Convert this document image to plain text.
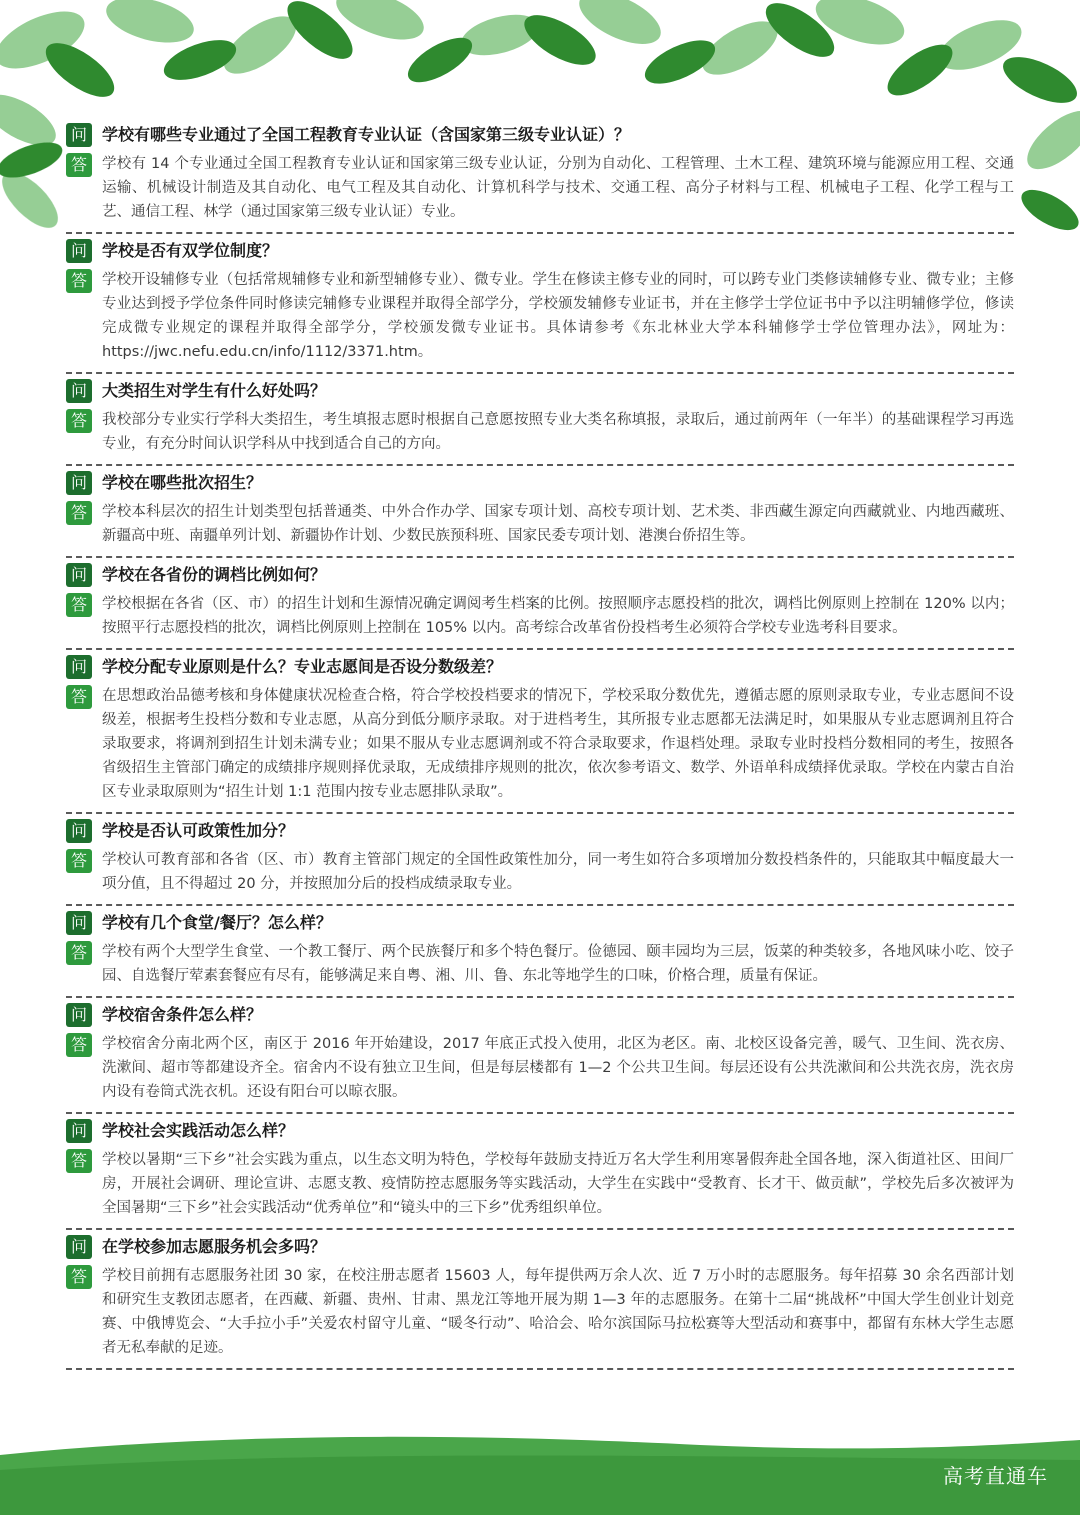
问 学校有哪些专业通过了全国工程教育专业认证（含国家第三级专业认证）？
答	学校有 14 个专业通过全国工程教育专业认证和国家第三级专业认证，分别为自动化、工程管理、土木工程、建筑环境与能源应用工程、交通运输、机械设计制造及其自动化、电气工程及其自动化、计算机科学与技术、交通工程、高分子材料与工程、机械电子工程、化学工程与工艺、通信工程、林学（通过国家第三级专业认证）专业。
问 学校是否有双学位制度？
答	学校开设辅修专业（包括常规辅修专业和新型辅修专业）、微专业。学生在修读主修专业的同时，可以跨专业门类修读辅修专业、微专业；主修专业达到授予学位条件同时修读完辅修专业课程并取得全部学分，学校颁发辅修专业证书，并在主修学士学位证书中予以注明辅修学位，修读完成微专业规定的课程并取得全部学分，学校颁发微专业证书。具体请参考《东北林业大学本科辅修学士学位管理办法》，网址为：https://jwc.nefu.edu.cn/info/1112/3371.htm。
问 大类招生对学生有什么好处吗？
答	我校部分专业实行学科大类招生，考生填报志愿时根据自己意愿按照专业大类名称填报，录取后，通过前两年（一年半）的基础课程学习再选专业，有充分时间认识学科从中找到适合自己的方向。
问 学校在哪些批次招生？
答	学校本科层次的招生计划类型包括普通类、中外合作办学、国家专项计划、高校专项计划、艺术类、非西藏生源定向西藏就业、内地西藏班、新疆高中班、南疆单列计划、新疆协作计划、少数民族预科班、国家民委专项计划、港澳台侨招生等。
问 学校在各省份的调档比例如何？
答	学校根据在各省（区、市）的招生计划和生源情况确定调阅考生档案的比例。按照顺序志愿投档的批次，调档比例原则上控制在 120% 以内；按照平行志愿投档的批次，调档比例原则上控制在 105% 以内。高考综合改革省份投档考生必须符合学校专业选考科目要求。
问 学校分配专业原则是什么？专业志愿间是否设分数级差？
答	在思想政治品德考核和身体健康状况检查合格，符合学校投档要求的情况下，学校采取分数优先，遵循志愿的原则录取专业，专业志愿间不设级差，根据考生投档分数和专业志愿，从高分到低分顺序录取。对于进档考生，其所报专业志愿都无法满足时，如果服从专业志愿调剂且符合录取要求，将调剂到招生计划未满专业；如果不服从专业志愿调剂或不符合录取要求，作退档处理。录取专业时投档分数相同的考生，按照各省级招生主管部门确定的成绩排序规则择优录取，无成绩排序规则的批次，依次参考语文、数学、外语单科成绩择优录取。学校在内蒙古自治区专业录取原则为“招生计划 1:1 范围内按专业志愿排队录取”。
问 学校是否认可政策性加分？
答	学校认可教育部和各省（区、市）教育主管部门规定的全国性政策性加分，同一考生如符合多项增加分数投档条件的，只能取其中幅度最大一项分值，且不得超过 20 分，并按照加分后的投档成绩录取专业。
问 学校有几个食堂/餐厅？怎么样？
答	学校有两个大型学生食堂、一个教工餐厅、两个民族餐厅和多个特色餐厅。俭德园、颐丰园均为三层，饭菜的种类较多，各地风味小吃、饺子园、自选餐厅荤素套餐应有尽有，能够满足来自粤、湘、川、鲁、东北等地学生的口味，价格合理，质量有保证。
问 学校宿舍条件怎么样？
答	学校宿舍分南北两个区，南区于 2016 年开始建设，2017 年底正式投入使用，北区为老区。南、北校区设备完善，暖气、卫生间、洗衣房、洗漱间、超市等都建设齐全。宿舍内不设有独立卫生间，但是每层楼都有 1—2 个公共卫生间。每层还设有公共洗漱间和公共洗衣房，洗衣房内设有卷筒式洗衣机。还设有阳台可以晾衣服。
问 学校社会实践活动怎么样？
答	学校以暑期“三下乡”社会实践为重点，以生态文明为特色，学校每年鼓励支持近万名大学生利用寒暑假奔赴全国各地，深入街道社区、田间厂房，开展社会调研、理论宣讲、志愿支教、疫情防控志愿服务等实践活动，大学生在实践中“受教育、长才干、做贡献”，学校先后多次被评为全国暑期“三下乡”社会实践活动“优秀单位”和“镜头中的三下乡”优秀组织单位。
问 在学校参加志愿服务机会多吗？
答	学校目前拥有志愿服务社团 30 家，在校注册志愿者 15603 人，每年提供两万余人次、近 7 万小时的志愿服务。每年招募 30 余名西部计划和研究生支教团志愿者，在西藏、新疆、贵州、甘肃、黑龙江等地开展为期 1—3 年的志愿服务。在第十二届“挑战杯”中国大学生创业计划竞赛、中俄博览会、“大手拉小手”关爱农村留守儿童、“暖冬行动”、哈洽会、哈尔滨国际马拉松赛等大型活动和赛事中，都留有东林大学生志愿者无私奉献的足迹。
高考直通车
